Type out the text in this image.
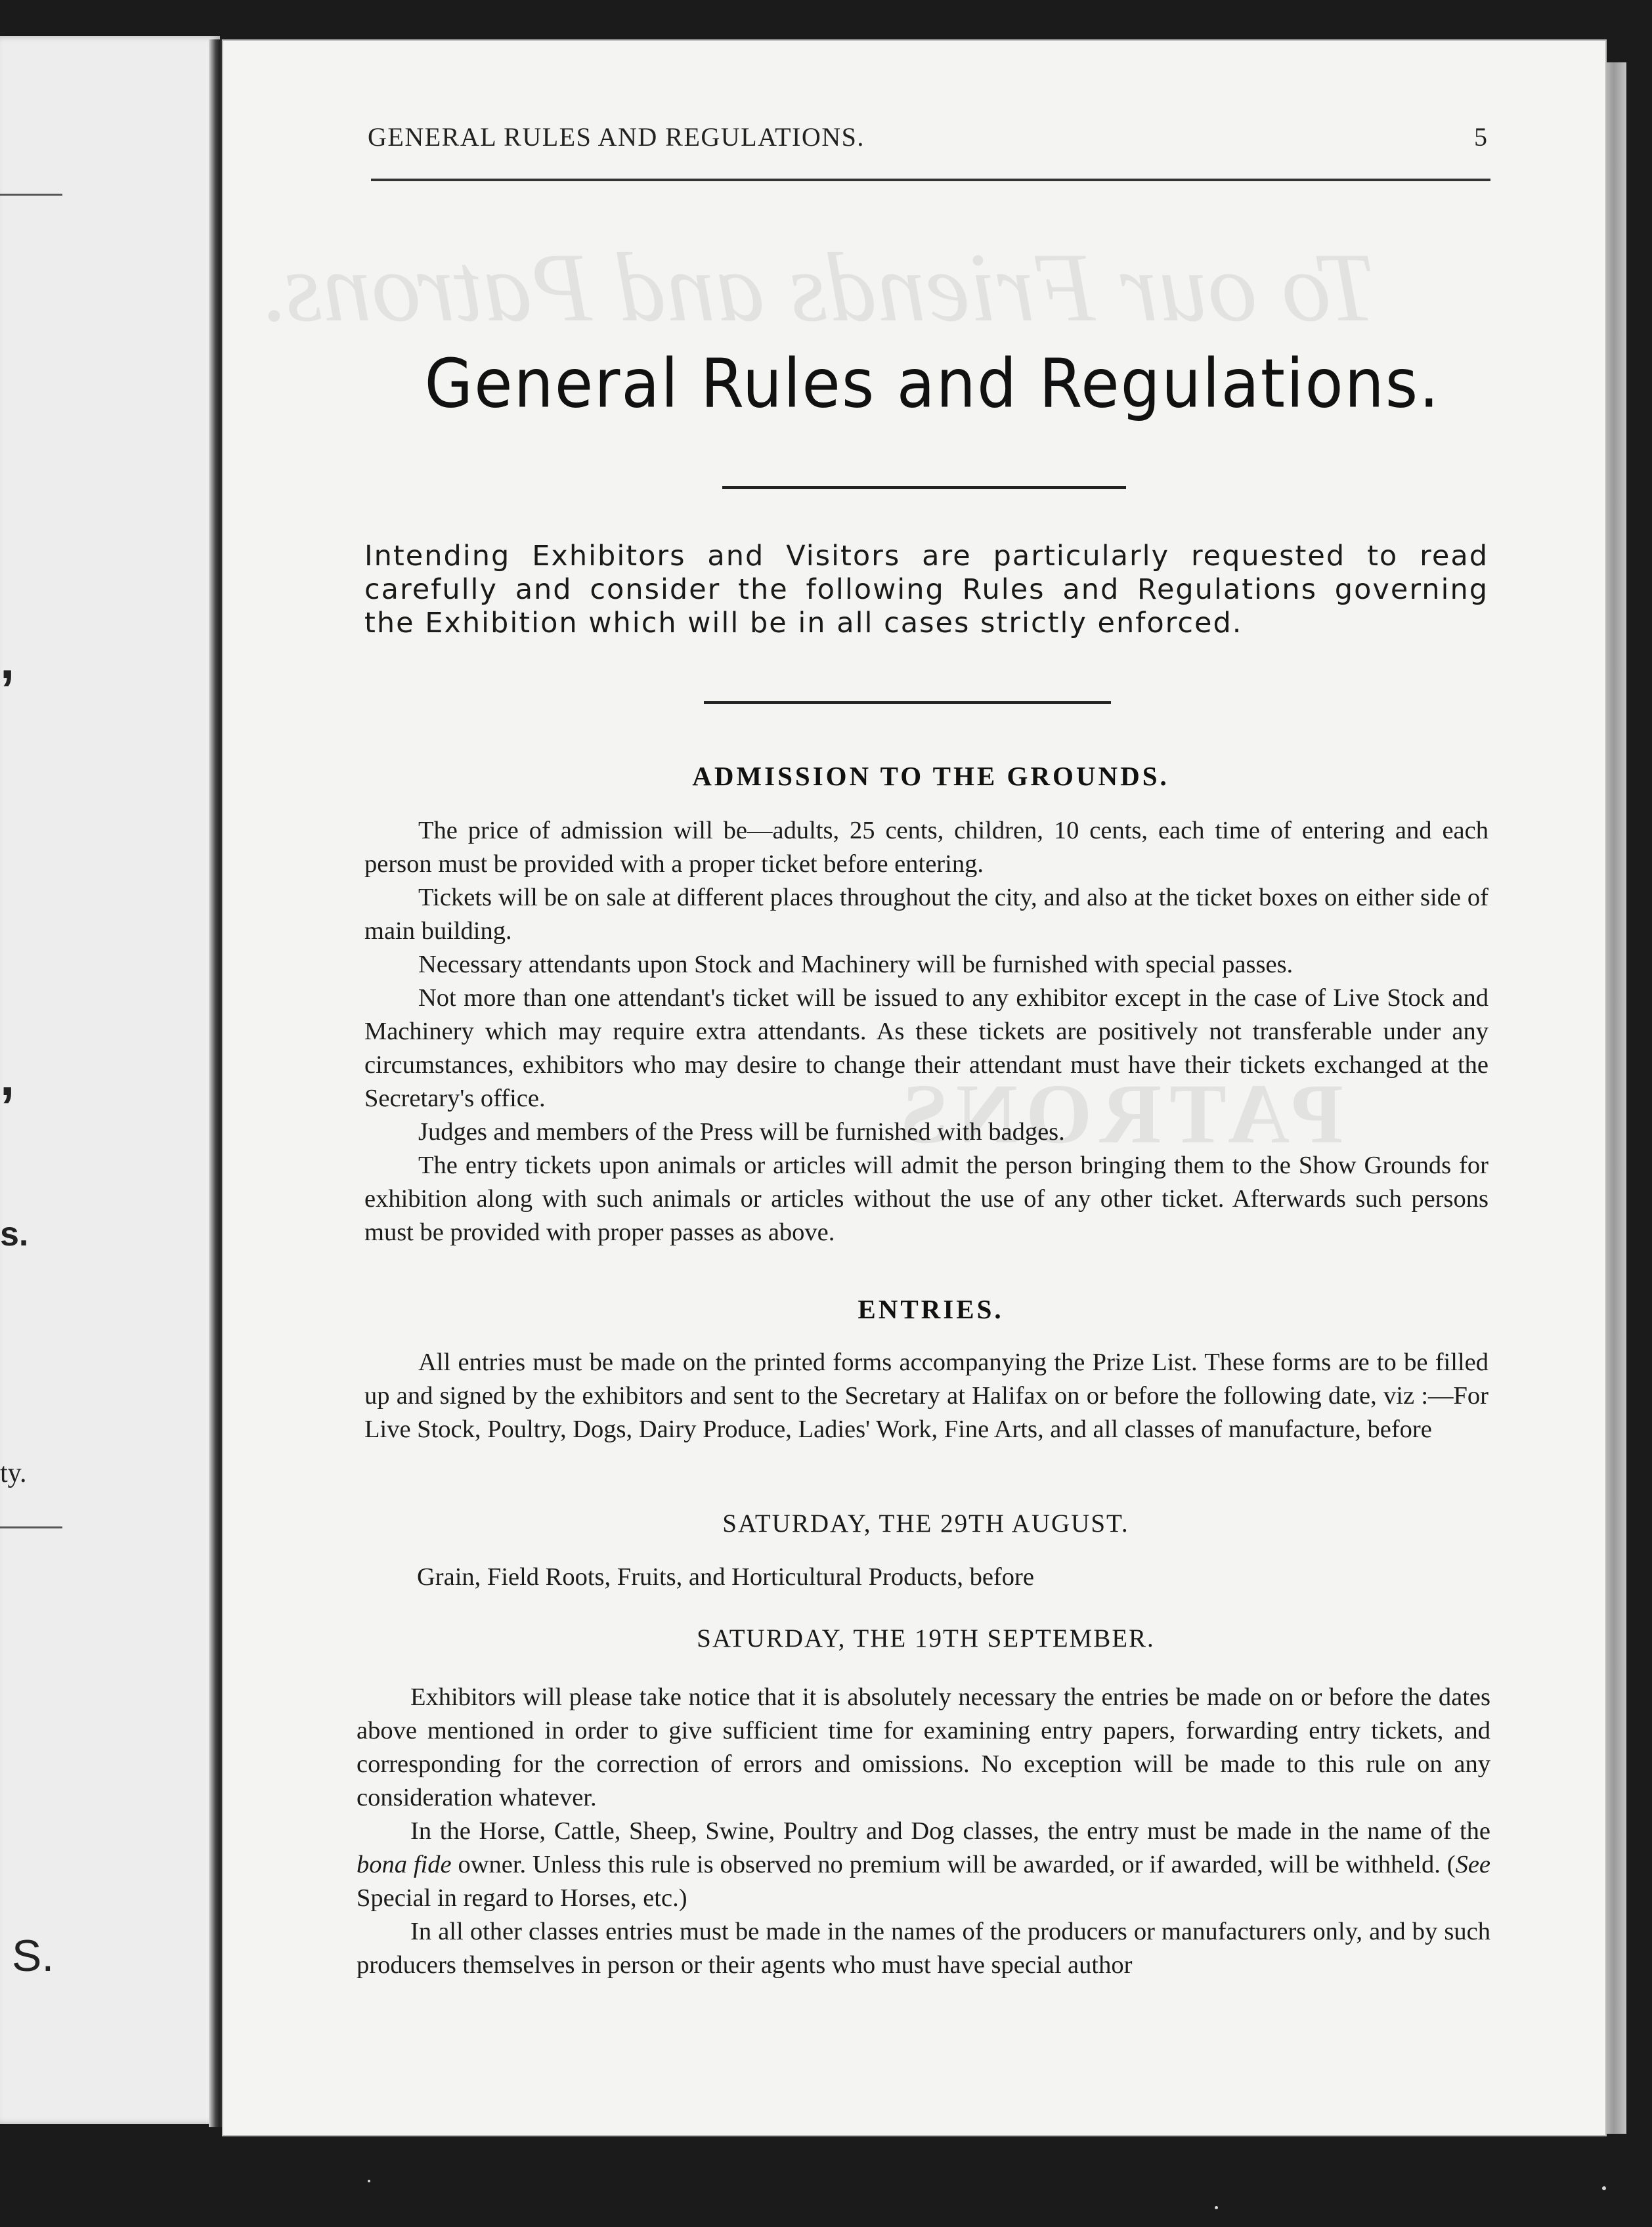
,
,
s.
ty.
S.
To our Friends and Patrons.
PATRONS
GENERAL RULES AND REGULATIONS.	5
General Rules and Regulations.
Intending Exhibitors and Visitors are particularly requested to read carefully and consider the following Rules and Regulations governing the Exhibition which will be in all cases strictly enforced.
ADMISSION TO THE GROUNDS.

The price of admission will be—adults, 25 cents, children, 10 cents, each time of entering and each person must be provided with a proper ticket before entering.

Tickets will be on sale at different places throughout the city, and also at the ticket boxes on either side of main building.

Necessary attendants upon Stock and Machinery will be furnished with special passes.

Not more than one attendant's ticket will be issued to any exhibitor except in the case of Live Stock and Machinery which may require extra attendants. As these tickets are positively not transferable under any circumstances, exhibitors who may desire to change their attendant must have their tickets exchanged at the Secretary's office.

Judges and members of the Press will be furnished with badges.

The entry tickets upon animals or articles will admit the person bringing them to the Show Grounds for exhibition along with such animals or articles without the use of any other ticket. Afterwards such persons must be provided with proper passes as above.

ENTRIES.

All entries must be made on the printed forms accompanying the Prize List. These forms are to be filled up and signed by the exhibitors and sent to the Secretary at Halifax on or before the following date, viz :—For Live Stock, Poultry, Dogs, Dairy Produce, Ladies' Work, Fine Arts, and all classes of manufacture, before

SATURDAY, THE 29TH AUGUST.
Grain, Field Roots, Fruits, and Horticultural Products, before
SATURDAY, THE 19TH SEPTEMBER.

Exhibitors will please take notice that it is absolutely necessary the entries be made on or before the dates above mentioned in order to give sufficient time for examining entry papers, forwarding entry tickets, and corresponding for the correction of errors and omissions. No exception will be made to this rule on any consideration whatever.

In the Horse, Cattle, Sheep, Swine, Poultry and Dog classes, the entry must be made in the name of the bona fide owner. Unless this rule is observed no premium will be awarded, or if awarded, will be withheld. (See Special in regard to Horses, etc.)

In all other classes entries must be made in the names of the producers or manufacturers only, and by such producers themselves in person or their agents who must have special author
